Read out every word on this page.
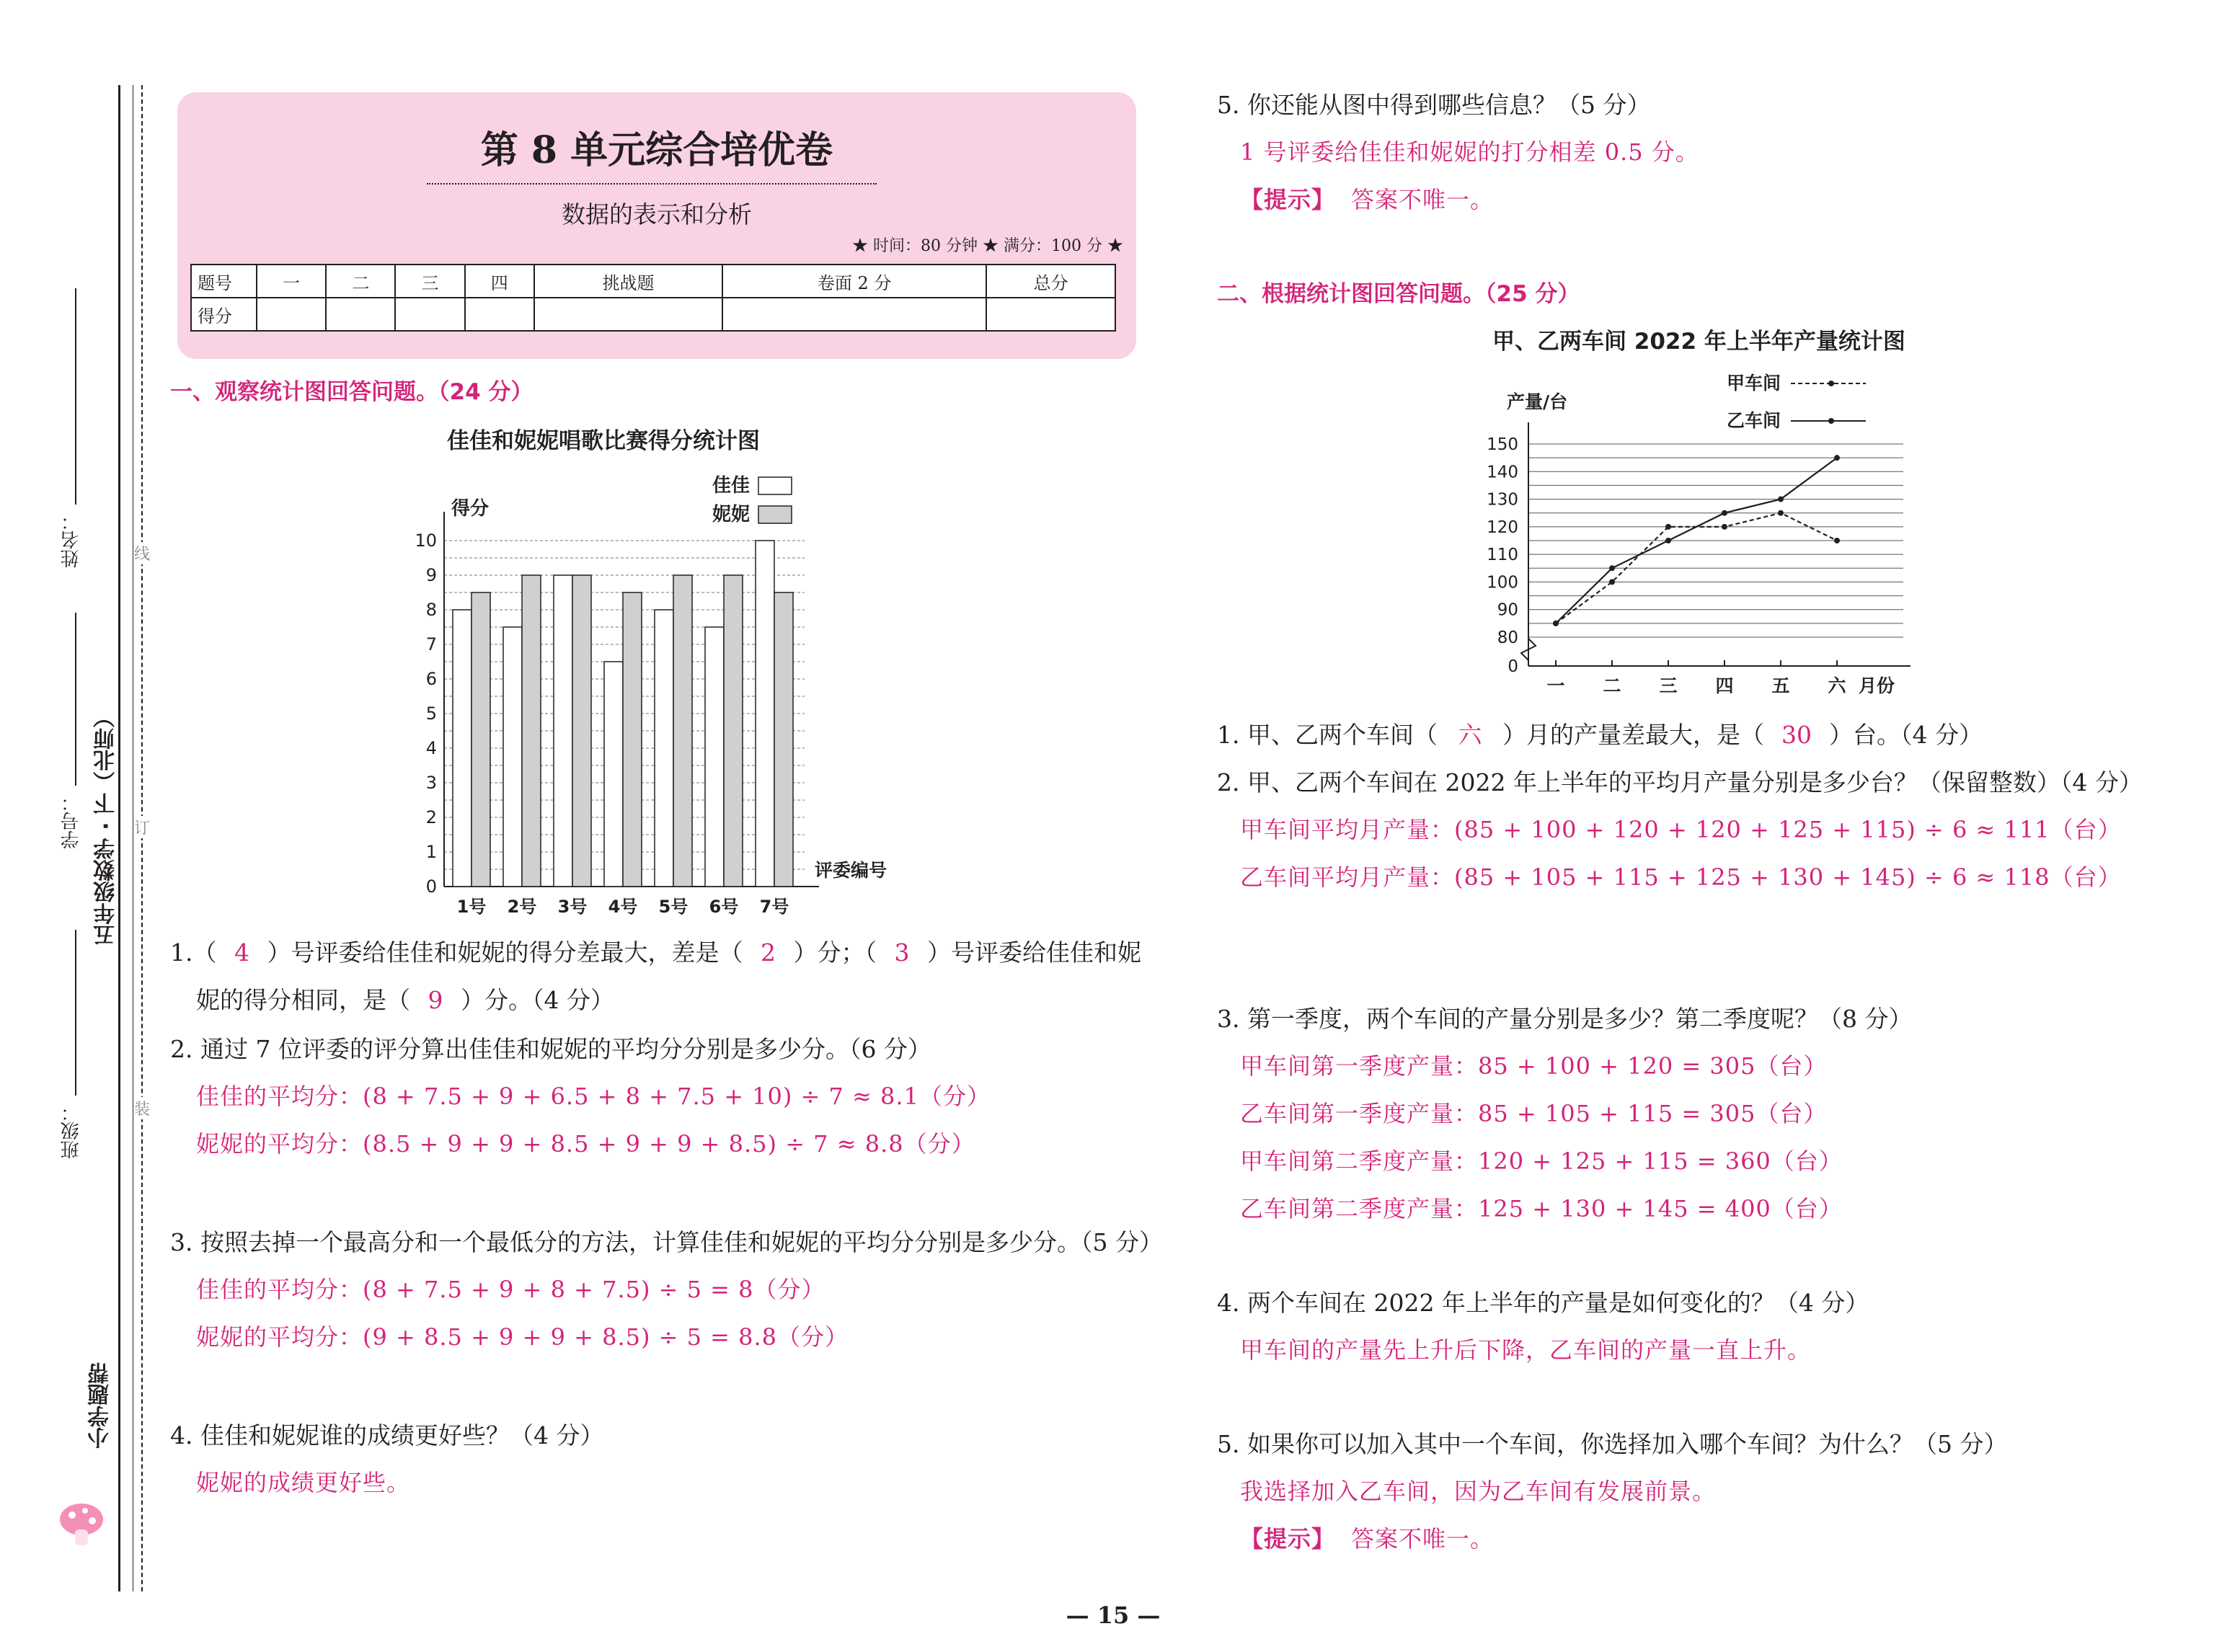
姓名：
学号：
班级：
五年级数学 · 下（北师）
小学题帮
线
订
装
第 8 单元综合培优卷
数据的表示和分析
★ 时间：80 分钟 ★ 满分：100 分 ★
题号	一	二	三	四	挑战题	卷面 2 分	总分
得分							
一、观察统计图回答问题。（24 分）
佳佳和妮妮唱歌比赛得分统计图
0
1
2
3
4
5
6
7
8
9
10
得分
评委编号
1号 2号 3号 4号 5号 6号 7号
佳佳
妮妮
1.（ 4 ）号评委给佳佳和妮妮的得分差最大，差是（ 2 ）分；（ 3 ）号评委给佳佳和妮
妮的得分相同，是（ 9 ）分。（4 分）
2. 通过 7 位评委的评分算出佳佳和妮妮的平均分分别是多少分。（6 分）
佳佳的平均分：(8 + 7.5 + 9 + 6.5 + 8 + 7.5 + 10) ÷ 7 ≈ 8.1（分）
妮妮的平均分：(8.5 + 9 + 9 + 8.5 + 9 + 9 + 8.5) ÷ 7 ≈ 8.8（分）
3. 按照去掉一个最高分和一个最低分的方法，计算佳佳和妮妮的平均分分别是多少分。（5 分）
佳佳的平均分：(8 + 7.5 + 9 + 8 + 7.5) ÷ 5 = 8（分）
妮妮的平均分：(9 + 8.5 + 9 + 9 + 8.5) ÷ 5 = 8.8（分）
4. 佳佳和妮妮谁的成绩更好些？（4 分）
妮妮的成绩更好些。
5. 你还能从图中得到哪些信息？（5 分）
1 号评委给佳佳和妮妮的打分相差 0.5 分。
【提示】 答案不唯一。
二、根据统计图回答问题。（25 分）
甲、乙两车间 2022 年上半年产量统计图
0
80
90
100
110
120
130
140
150
产量/台
一 二 三 四 五 六 月份
甲车间
乙车间
1. 甲、乙两个车间（ 六 ）月的产量差最大，是（ 30 ）台。（4 分）
2. 甲、乙两个车间在 2022 年上半年的平均月产量分别是多少台？（保留整数）（4 分）
甲车间平均月产量：(85 + 100 + 120 + 120 + 125 + 115) ÷ 6 ≈ 111（台）
乙车间平均月产量：(85 + 105 + 115 + 125 + 130 + 145) ÷ 6 ≈ 118（台）
3. 第一季度，两个车间的产量分别是多少？第二季度呢？（8 分）
甲车间第一季度产量：85 + 100 + 120 = 305（台）
乙车间第一季度产量：85 + 105 + 115 = 305（台）
甲车间第二季度产量：120 + 125 + 115 = 360（台）
乙车间第二季度产量：125 + 130 + 145 = 400（台）
4. 两个车间在 2022 年上半年的产量是如何变化的？（4 分）
甲车间的产量先上升后下降，乙车间的产量一直上升。
5. 如果你可以加入其中一个车间，你选择加入哪个车间？为什么？（5 分）
我选择加入乙车间，因为乙车间有发展前景。
【提示】 答案不唯一。
— 15 —
